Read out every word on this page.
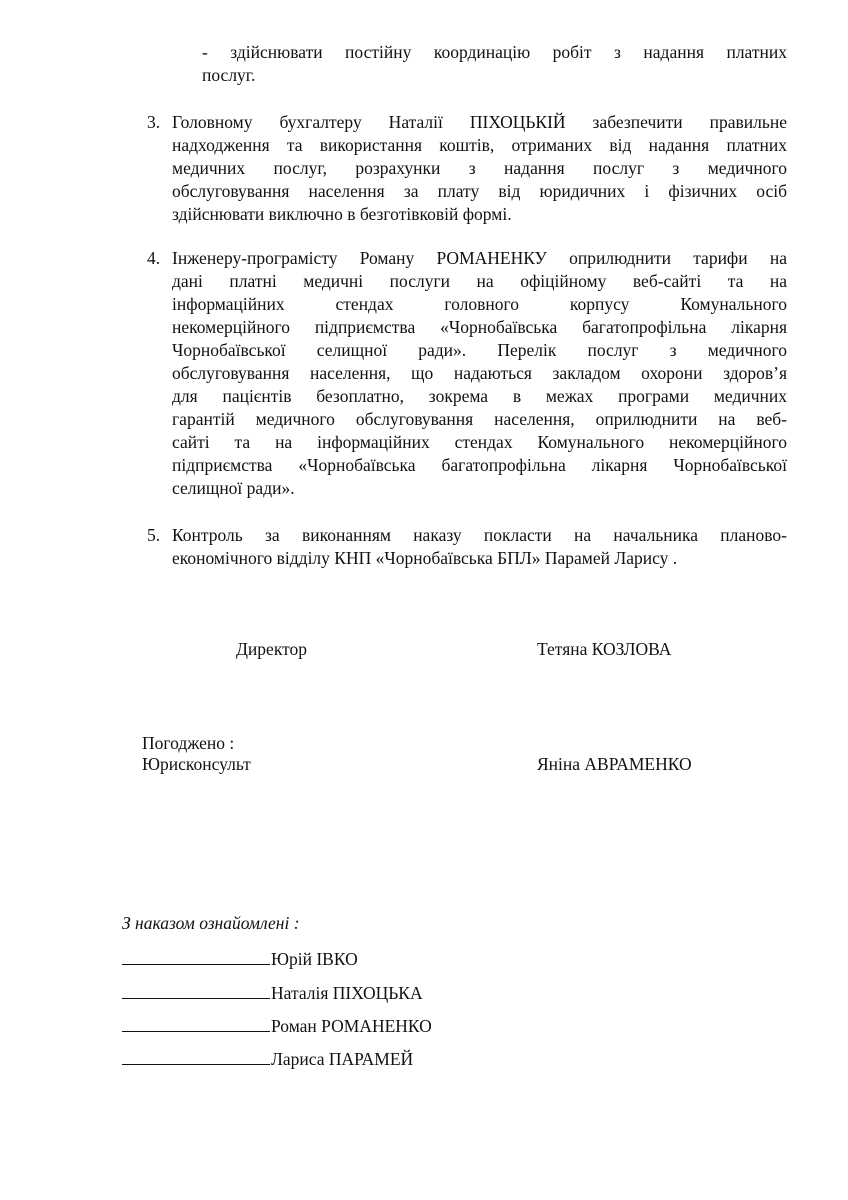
- здійснювати постійну координацію робіт з надання платних
послуг.
3. Головному бухгалтеру Наталії ПІХОЦЬКІЙ забезпечити правильне
надходження та використання коштів, отриманих від надання платних
медичних послуг, розрахунки з надання послуг з медичного
обслуговування населення за плату від юридичних і фізичних осіб
здійснювати виключно в безготівковій формі.
4. Інженеру-програмісту Роману РОМАНЕНКУ оприлюднити тарифи на
дані платні медичні послуги на офіційному веб-сайті та на
інформаційних стендах головного корпусу Комунального
некомерційного підприємства «Чорнобаївська багатопрофільна лікарня
Чорнобаївської селищної ради». Перелік послуг з медичного
обслуговування населення, що надаються закладом охорони здоров’я
для пацієнтів безоплатно, зокрема в межах програми медичних
гарантій медичного обслуговування населення, оприлюднити на веб-
сайті та на інформаційних стендах Комунального некомерційного
підприємства «Чорнобаївська багатопрофільна лікарня Чорнобаївської
селищної ради».
5. Контроль за виконанням наказу покласти на начальника планово-
економічного відділу КНП «Чорнобаївська БПЛ» Парамей Ларису .
Директор	Тетяна КОЗЛОВА
Погоджено :
Юрисконсульт	Яніна АВРАМЕНКО
З наказом ознайомлені :
Юрій ІВКО
Наталія ПІХОЦЬКА
Роман РОМАНЕНКО
Лариса ПАРАМЕЙ
